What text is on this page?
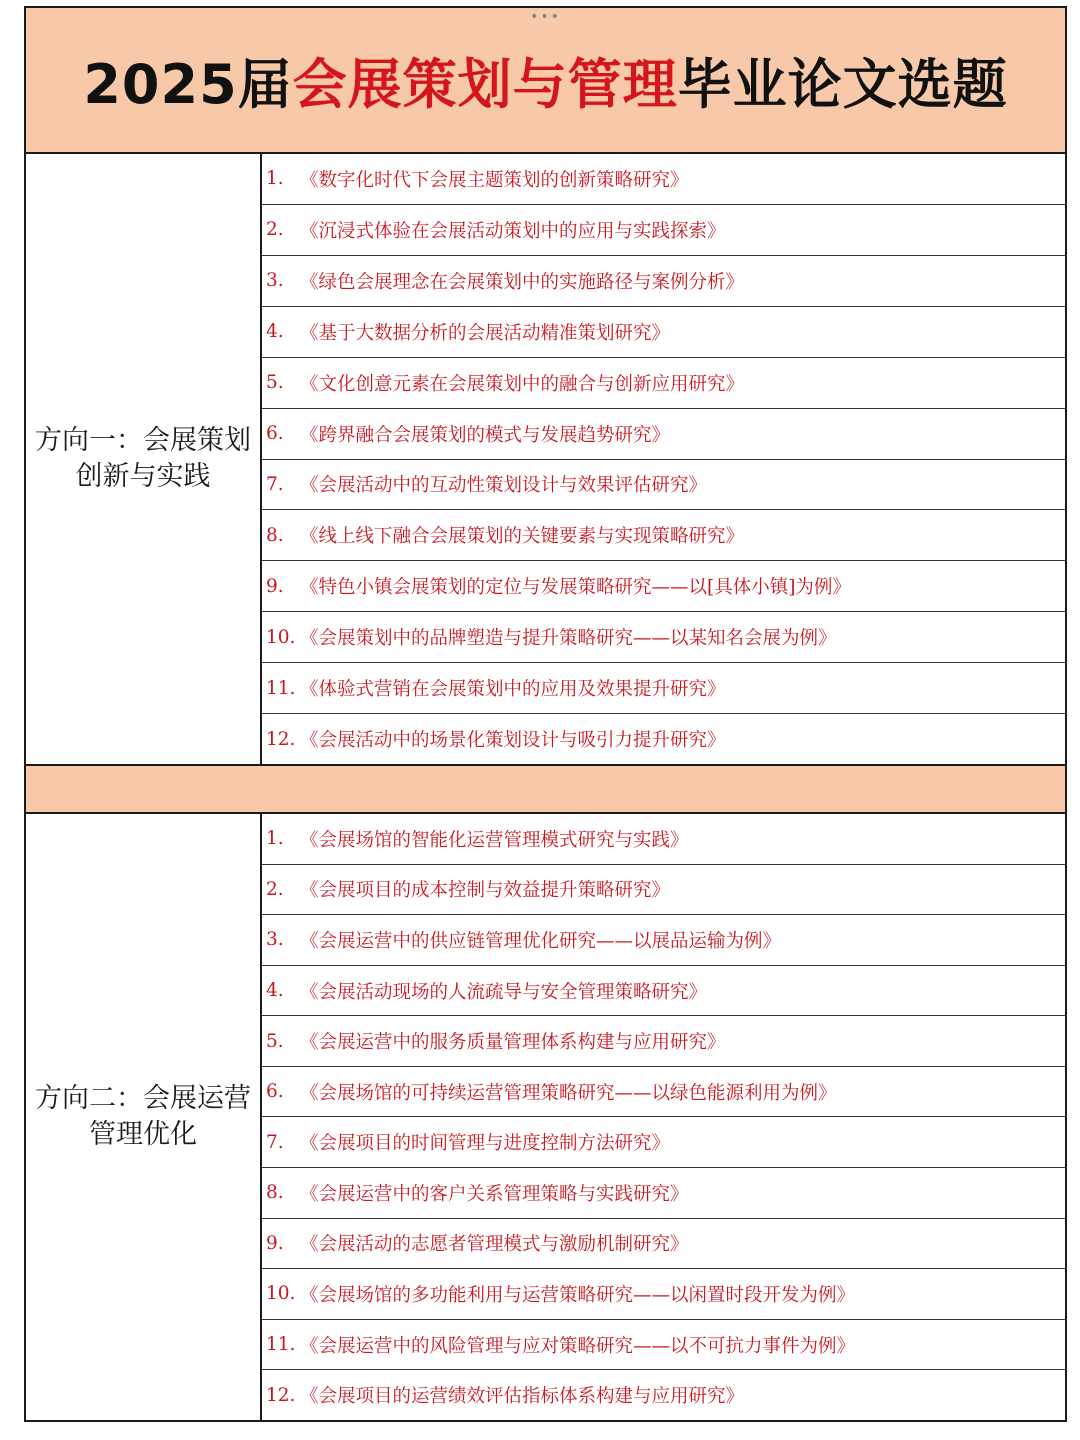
•••
2025届会展策划与管理毕业论文选题
方向一：会展策划
创新与实践
1. 《数字化时代下会展主题策划的创新策略研究》
2. 《沉浸式体验在会展活动策划中的应用与实践探索》
3. 《绿色会展理念在会展策划中的实施路径与案例分析》
4. 《基于大数据分析的会展活动精准策划研究》
5. 《文化创意元素在会展策划中的融合与创新应用研究》
6. 《跨界融合会展策划的模式与发展趋势研究》
7. 《会展活动中的互动性策划设计与效果评估研究》
8. 《线上线下融合会展策划的关键要素与实现策略研究》
9. 《特色小镇会展策划的定位与发展策略研究——以[具体小镇]为例》
10. 《会展策划中的品牌塑造与提升策略研究——以某知名会展为例》
11. 《体验式营销在会展策划中的应用及效果提升研究》
12. 《会展活动中的场景化策划设计与吸引力提升研究》
方向二：会展运营
管理优化
1. 《会展场馆的智能化运营管理模式研究与实践》
2. 《会展项目的成本控制与效益提升策略研究》
3. 《会展运营中的供应链管理优化研究——以展品运输为例》
4. 《会展活动现场的人流疏导与安全管理策略研究》
5. 《会展运营中的服务质量管理体系构建与应用研究》
6. 《会展场馆的可持续运营管理策略研究——以绿色能源利用为例》
7. 《会展项目的时间管理与进度控制方法研究》
8. 《会展运营中的客户关系管理策略与实践研究》
9. 《会展活动的志愿者管理模式与激励机制研究》
10. 《会展场馆的多功能利用与运营策略研究——以闲置时段开发为例》
11. 《会展运营中的风险管理与应对策略研究——以不可抗力事件为例》
12. 《会展项目的运营绩效评估指标体系构建与应用研究》
